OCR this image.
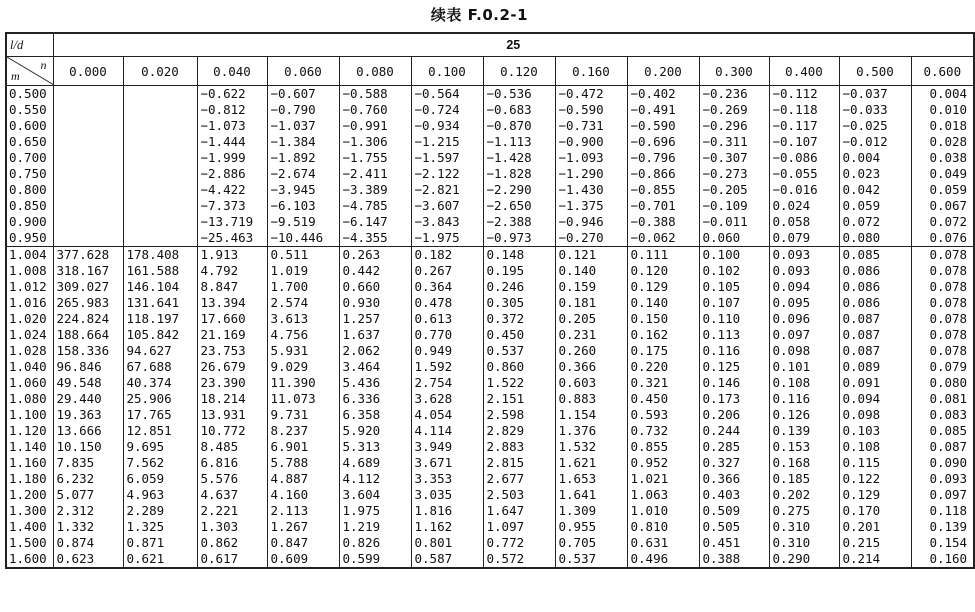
续表 F.0.2-1
l/d	25												

n
m	0.000	0.020	0.040	0.060	0.080	0.100	0.120	0.160	0.200	0.300	0.400	0.500	0.600
0.500			−0.622	−0.607	−0.588	−0.564	−0.536	−0.472	−0.402	−0.236	−0.112	−0.037	0.004
0.550			−0.812	−0.790	−0.760	−0.724	−0.683	−0.590	−0.491	−0.269	−0.118	−0.033	0.010
0.600			−1.073	−1.037	−0.991	−0.934	−0.870	−0.731	−0.590	−0.296	−0.117	−0.025	0.018
0.650			−1.444	−1.384	−1.306	−1.215	−1.113	−0.900	−0.696	−0.311	−0.107	−0.012	0.028
0.700			−1.999	−1.892	−1.755	−1.597	−1.428	−1.093	−0.796	−0.307	−0.086	0.004	0.038
0.750			−2.886	−2.674	−2.411	−2.122	−1.828	−1.290	−0.866	−0.273	−0.055	0.023	0.049
0.800			−4.422	−3.945	−3.389	−2.821	−2.290	−1.430	−0.855	−0.205	−0.016	0.042	0.059
0.850			−7.373	−6.103	−4.785	−3.607	−2.650	−1.375	−0.701	−0.109	0.024	0.059	0.067
0.900			−13.719	−9.519	−6.147	−3.843	−2.388	−0.946	−0.388	−0.011	0.058	0.072	0.072
0.950			−25.463	−10.446	−4.355	−1.975	−0.973	−0.270	−0.062	0.060	0.079	0.080	0.076
1.004	377.628	178.408	1.913	0.511	0.263	0.182	0.148	0.121	0.111	0.100	0.093	0.085	0.078
1.008	318.167	161.588	4.792	1.019	0.442	0.267	0.195	0.140	0.120	0.102	0.093	0.086	0.078
1.012	309.027	146.104	8.847	1.700	0.660	0.364	0.246	0.159	0.129	0.105	0.094	0.086	0.078
1.016	265.983	131.641	13.394	2.574	0.930	0.478	0.305	0.181	0.140	0.107	0.095	0.086	0.078
1.020	224.824	118.197	17.660	3.613	1.257	0.613	0.372	0.205	0.150	0.110	0.096	0.087	0.078
1.024	188.664	105.842	21.169	4.756	1.637	0.770	0.450	0.231	0.162	0.113	0.097	0.087	0.078
1.028	158.336	94.627	23.753	5.931	2.062	0.949	0.537	0.260	0.175	0.116	0.098	0.087	0.078
1.040	96.846	67.688	26.679	9.029	3.464	1.592	0.860	0.366	0.220	0.125	0.101	0.089	0.079
1.060	49.548	40.374	23.390	11.390	5.436	2.754	1.522	0.603	0.321	0.146	0.108	0.091	0.080
1.080	29.440	25.906	18.214	11.073	6.336	3.628	2.151	0.883	0.450	0.173	0.116	0.094	0.081
1.100	19.363	17.765	13.931	9.731	6.358	4.054	2.598	1.154	0.593	0.206	0.126	0.098	0.083
1.120	13.666	12.851	10.772	8.237	5.920	4.114	2.829	1.376	0.732	0.244	0.139	0.103	0.085
1.140	10.150	9.695	8.485	6.901	5.313	3.949	2.883	1.532	0.855	0.285	0.153	0.108	0.087
1.160	7.835	7.562	6.816	5.788	4.689	3.671	2.815	1.621	0.952	0.327	0.168	0.115	0.090
1.180	6.232	6.059	5.576	4.887	4.112	3.353	2.677	1.653	1.021	0.366	0.185	0.122	0.093
1.200	5.077	4.963	4.637	4.160	3.604	3.035	2.503	1.641	1.063	0.403	0.202	0.129	0.097
1.300	2.312	2.289	2.221	2.113	1.975	1.816	1.647	1.309	1.010	0.509	0.275	0.170	0.118
1.400	1.332	1.325	1.303	1.267	1.219	1.162	1.097	0.955	0.810	0.505	0.310	0.201	0.139
1.500	0.874	0.871	0.862	0.847	0.826	0.801	0.772	0.705	0.631	0.451	0.310	0.215	0.154
1.600	0.623	0.621	0.617	0.609	0.599	0.587	0.572	0.537	0.496	0.388	0.290	0.214	0.160
